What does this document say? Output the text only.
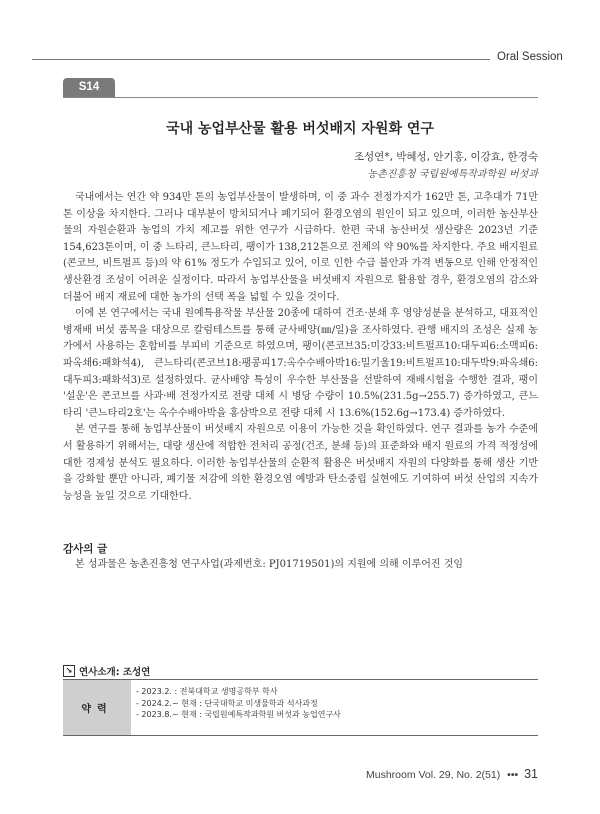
Oral Session
S14
국내 농업부산물 활용 버섯배지 자원화 연구
조성연*, 박혜성, 안기홍, 이강효, 한경숙
농촌진흥청 국립원예특작과학원 버섯과

국내에서는 연간 약 934만 톤의 농업부산물이 발생하며, 이 중 과수 전정가지가 162만 톤, 고추대가 71만 톤 이상을 차지한다. 그러나 대부분이 방치되거나 폐기되어 환경오염의 원인이 되고 있으며, 이러한 농산부산물의 자원순환과 농업의 가치 제고를 위한 연구가 시급하다. 한편 국내 농산버섯 생산량은 2023년 기준 154,623톤이며, 이 중 느타리, 큰느타리, 팽이가 138,212톤으로 전체의 약 90%를 차지한다. 주요 배지원료(콘코브, 비트펄프 등)의 약 61% 정도가 수입되고 있어, 이로 인한 수급 불안과 가격 변동으로 인해 안정적인 생산환경 조성이 어려운 실정이다. 따라서 농업부산물을 버섯배지 자원으로 활용할 경우, 환경오염의 감소와 더불어 배지 재료에 대한 농가의 선택 폭을 넓힐 수 있을 것이다.

이에 본 연구에서는 국내 원예특용작물 부산물 20종에 대하여 건조·분쇄 후 영양성분을 분석하고, 대표적인 병재배 버섯 품목을 대상으로 칼럼테스트를 통해 균사배양(㎜/일)을 조사하였다. 관행 배지의 조성은 실제 농가에서 사용하는 혼합비를 부피비 기준으로 하였으며, 팽이(콘코브35:미강33:비트펄프10:대두피6:소맥피6:파옥쇄6:패화석4), 큰느타리(콘코브18:팽콩피17:옥수수배아박16:밀기울19:비트펄프10:대두박9:파옥쇄6:대두피3:패화석3)로 설정하였다. 균사배양 특성이 우수한 부산물을 선발하여 재배시험을 수행한 결과, 팽이 '설운'은 콘코브를 사과·배 전정가지로 전량 대체 시 병당 수량이 10.5%(231.5g→255.7) 증가하였고, 큰느타리 '큰느타리2호'는 옥수수배아박을 홍삼박으로 전량 대체 시 13.6%(152.6g→173.4) 증가하였다.

본 연구를 통해 농업부산물이 버섯배지 자원으로 이용이 가능한 것을 확인하였다. 연구 결과를 농가 수준에서 활용하기 위해서는, 대량 생산에 적합한 전처리 공정(건조, 분쇄 등)의 표준화와 배지 원료의 가격 적정성에 대한 경제성 분석도 필요하다. 이러한 농업부산물의 순환적 활용은 버섯배지 자원의 다양화를 통해 생산 기반을 강화할 뿐만 아니라, 폐기물 저감에 의한 환경오염 예방과 탄소중립 실현에도 기여하여 버섯 산업의 지속가능성을 높일 것으로 기대한다.

감사의 글
본 성과물은 농촌진흥청 연구사업(과제번호: PJ01719501)의 지원에 의해 이루어진 것임
↘ 연사소개: 조성연
약력
- 2023.2. : 전북대학교 생명공학부 학사
- 2024.2.~ 현재 : 단국대학교 미생물학과 석사과정
- 2023.8.~ 현재 : 국립원예특작과학원 버섯과 농업연구사
Mushroom Vol. 29, No. 2(51) ••• 31
